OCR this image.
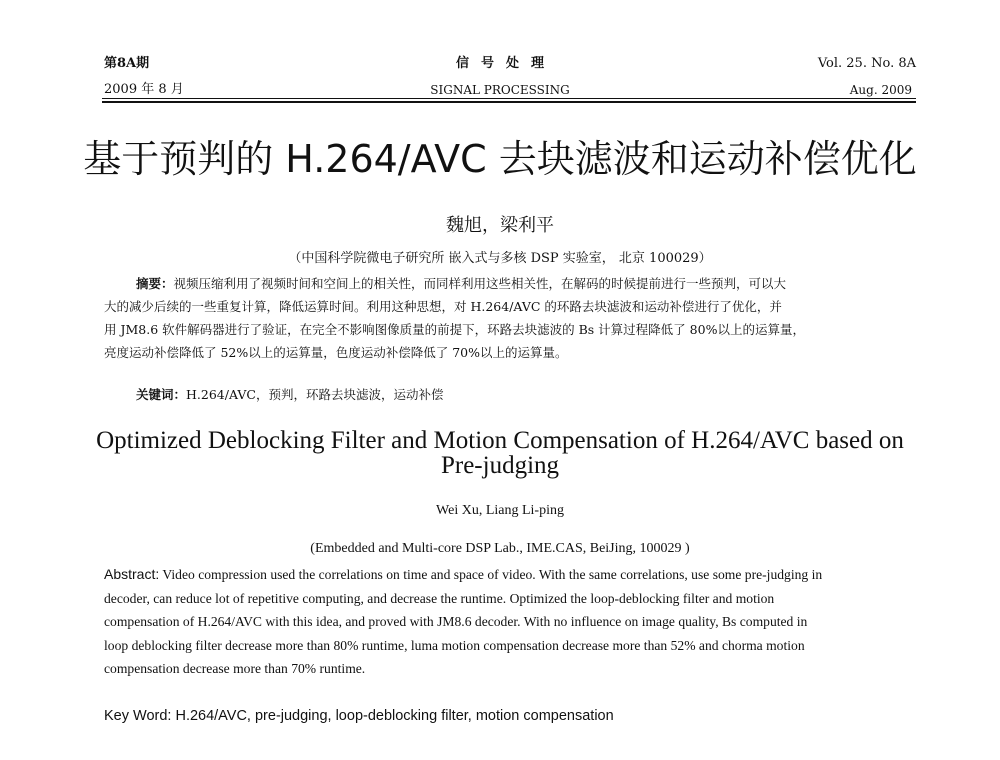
第8A期
2009 年 8 月
信号处理
SIGNAL PROCESSING
Vol. 25. No. 8A
Aug. 2009
基于预判的 H.264/AVC 去块滤波和运动补偿优化
魏旭，梁利平
（中国科学院微电子研究所 嵌入式与多核 DSP 实验室， 北京 100029）
摘要：视频压缩利用了视频时间和空间上的相关性，而同样利用这些相关性，在解码的时候提前进行一些预判，可以大
大的减少后续的一些重复计算，降低运算时间。利用这种思想，对 H.264/AVC 的环路去块滤波和运动补偿进行了优化，并
用 JM8.6 软件解码器进行了验证，在完全不影响图像质量的前提下，环路去块滤波的 Bs 计算过程降低了 80%以上的运算量，
亮度运动补偿降低了 52%以上的运算量，色度运动补偿降低了 70%以上的运算量。
关键词：H.264/AVC，预判，环路去块滤波，运动补偿
Optimized Deblocking Filter and Motion Compensation of H.264/AVC based on
Pre-judging
Wei Xu, Liang Li-ping
(Embedded and Multi-core DSP Lab., IME.CAS, BeiJing, 100029 )
Abstract: Video compression used the correlations on time and space of video. With the same correlations, use some pre-judging in
decoder, can reduce lot of repetitive computing, and decrease the runtime. Optimized the loop-deblocking filter and motion
compensation of H.264/AVC with this idea, and proved with JM8.6 decoder. With no influence on image quality, Bs computed in
loop deblocking filter decrease more than 80% runtime, luma motion compensation decrease more than 52% and chorma motion
compensation decrease more than 70% runtime.
Key Word: H.264/AVC, pre-judging, loop-deblocking filter, motion compensation
